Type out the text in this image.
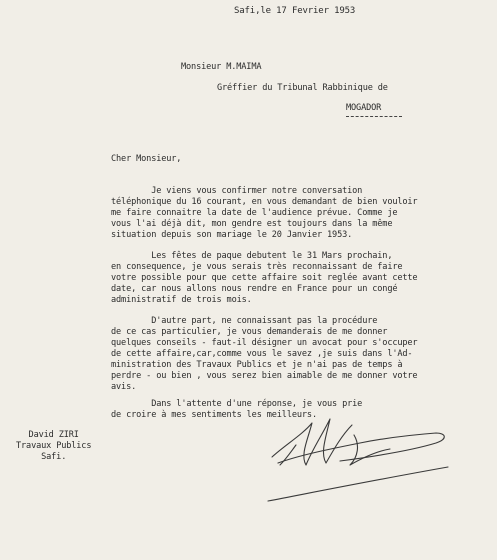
Safi,le 17 Fevrier 1953
Monsieur M.MAIMA
Gréffier du Tribunal Rabbinique de
MOGADOR
Cher Monsieur,
Je viens vous confirmer notre conversation
téléphonique du 16 courant, en vous demandant de bien vouloir
me faire connaitre la date de l'audience prévue. Comme je
vous l'ai déjà dit, mon gendre est toujours dans la même
situation depuis son mariage le 20 Janvier 1953.
Les fêtes de paque debutent le 31 Mars prochain,
en consequence, je vous serais très reconnaissant de faire
votre possible pour que cette affaire soit reglée avant cette
date, car nous allons nous rendre en France pour un congé
administratif de trois mois.
D'autre part, ne connaissant pas la procédure
de ce cas particulier, je vous demanderais de me donner
quelques conseils - faut-il désigner un avocat pour s'occuper
de cette affaire,car,comme vous le savez ,je suis dans l'Ad-
ministration des Travaux Publics et je n'ai pas de temps à
perdre - ou bien , vous serez bien aimable de me donner votre
avis.
Dans l'attente d'une réponse, je vous prie
de croire à mes sentiments les meilleurs.
David ZIRI
Travaux Publics
Safi.
